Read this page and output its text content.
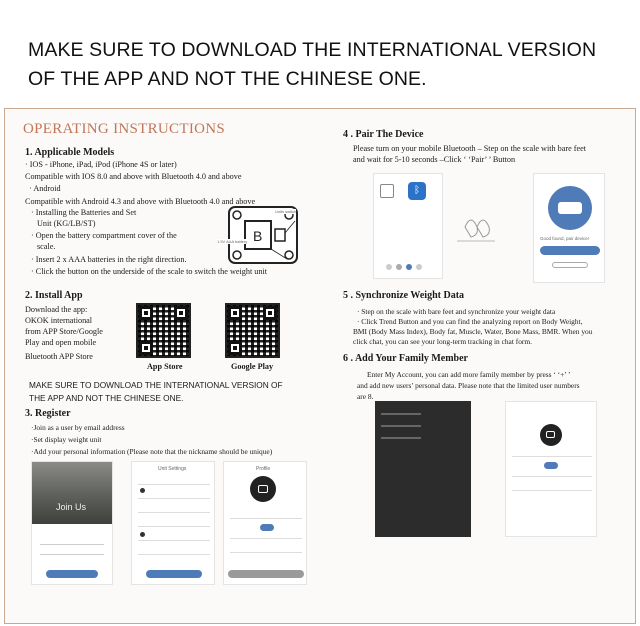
MAKE SURE TO DOWNLOAD THE INTERNATIONAL VERSION
OF THE APP AND NOT THE CHINESE ONE.
OPERATING INSTRUCTIONS
1. Applicable Models
· IOS - iPhone, iPad, iPod (iPhone 4S or later)
Compatible with IOS 8.0 and above with Bluetooth 4.0 and above
· Android
Compatible with Android 4.3 and above with Bluetooth 4.0 and above
· Installing the Batteries and Set
Unit (KG/LB/ST)
· Open the battery compartment cover of the
scale.
· Insert 2 x AAA batteries in the right direction.
· Click the button on the underside of the scale to switch the weight unit
B
Units switch
1.5V AAA battery
2. Install App
Download the app:
OKOK international
from APP Store/Google
Play and open mobile
Bluetooth APP Store
App Store	Google Play
MAKE SURE TO DOWNLOAD THE INTERNATIONAL VERSION OF
THE APP AND NOT THE CHINESE ONE.
3. Register
·Join as a user by email address
·Set display weight unit
·Add your personal information (Please note that the nickname should be unique)
Join Us
Unit Settings	Profile
4 . Pair The Device
Please turn on your mobile Bluetooth – Step on the scale with bare feet
and wait for 5-10 seconds –Click ‘ ‘Pair’ ’ Button
ᛒ
Good found, pair device!
5 . Synchronize Weight Data
· Step on the scale with bare feet and synchronize your weight data
· Click Trend Button and you can find the analyzing report on Body Weight,
BMI (Body Mass Index), Body fat, Muscle, Water, Bone Mass, BMR. When you
click chat, you can see your long-term tracking in chat form.
6 . Add Your Family Member
Enter My Account, you can add more family member by press ‘ ‘+’ ’
and add new users’ personal data. Please note that the limited user numbers
are 8.
